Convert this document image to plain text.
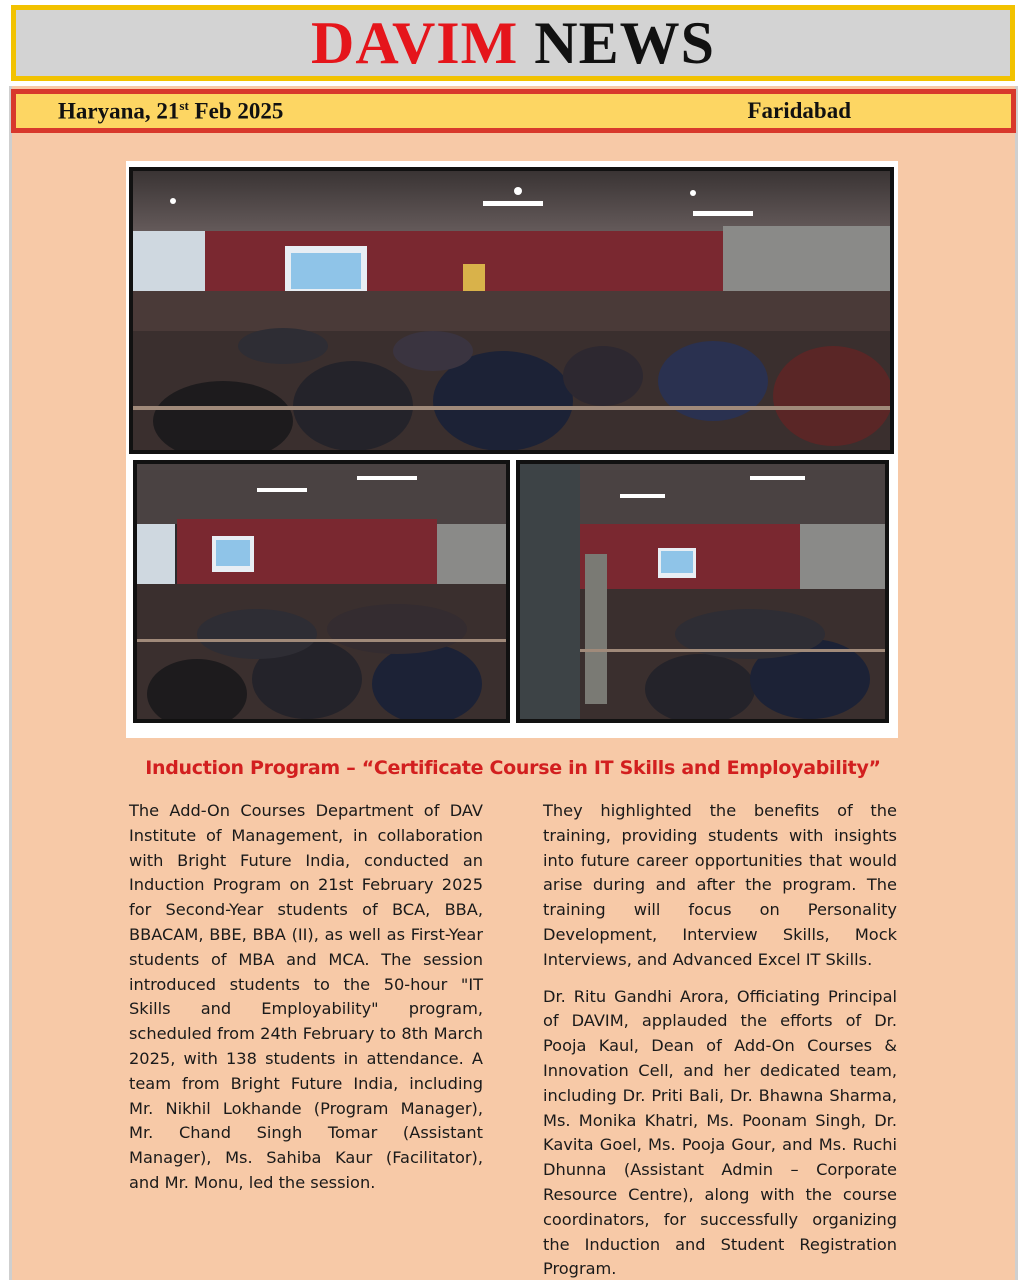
DAVIM NEWS
Haryana, 21st Feb 2025	Faridabad
Induction Program – “Certificate Course in IT Skills and Employability”

The Add-On Courses Department of DAV Institute of Management, in collaboration with Bright Future India, conducted an Induction Program on 21st February 2025 for Second-Year students of BCA, BBA, BBACAM, BBE, BBA (II), as well as First-Year students of MBA and MCA. The session introduced students to the 50-hour "IT Skills and Employability" program, scheduled from 24th February to 8th March 2025, with 138 students in attendance. A team from Bright Future India, including Mr. Nikhil Lokhande (Program Manager), Mr. Chand Singh Tomar (Assistant Manager), Ms. Sahiba Kaur (Facilitator), and Mr. Monu, led the session.

They highlighted the benefits of the training, providing students with insights into future career opportunities that would arise during and after the program. The training will focus on Personality Development, Interview Skills, Mock Interviews, and Advanced Excel IT Skills.

Dr. Ritu Gandhi Arora, Officiating Principal of DAVIM, applauded the efforts of Dr. Pooja Kaul, Dean of Add-On Courses & Innovation Cell, and her dedicated team, including Dr. Priti Bali, Dr. Bhawna Sharma, Ms. Monika Khatri, Ms. Poonam Singh, Dr. Kavita Goel, Ms. Pooja Gour, and Ms. Ruchi Dhunna (Assistant Admin – Corporate Resource Centre), along with the course coordinators, for successfully organizing the Induction and Student Registration Program.
